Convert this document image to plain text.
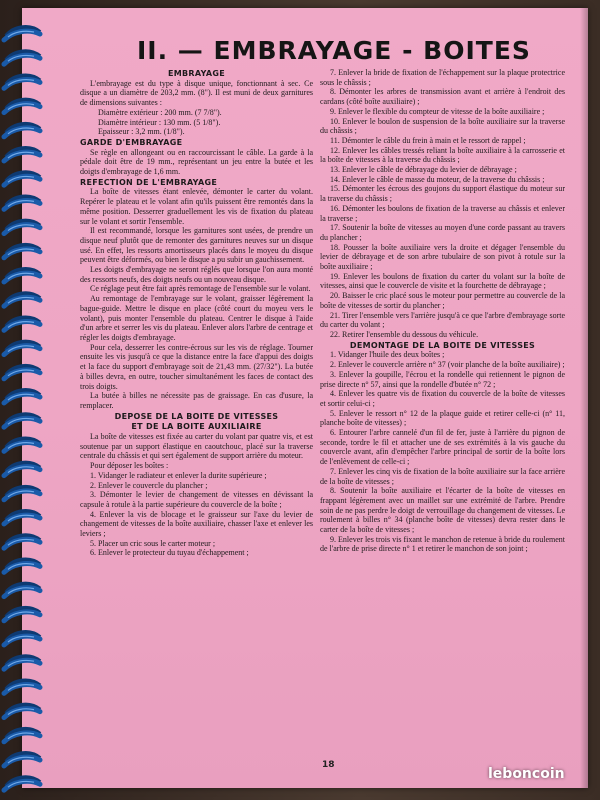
II. — EMBRAYAGE - BOITES
EMBRAYAGE

L'embrayage est du type à disque unique, fonctionnant à sec. Ce disque a un diamètre de 203,2 mm. (8"). Il est muni de deux garnitures de dimensions suivantes :

Diamètre extérieur : 200 mm. (7 7/8").

Diamètre intérieur : 130 mm. (5 1/8").

Epaisseur : 3,2 mm. (1/8").

GARDE D'EMBRAYAGE

Se règle en allongeant ou en raccourcissant le câble. La garde à la pédale doit être de 19 mm., représentant un jeu entre la butée et les doigts d'embrayage de 1,6 mm.

REFECTION DE L'EMBRAYAGE

La boîte de vitesses étant enlevée, démonter le carter du volant. Repérer le plateau et le volant afin qu'ils puissent être remontés dans la même position. Desserrer graduellement les vis de fixation du plateau sur le volant et sortir l'ensemble.

Il est recommandé, lorsque les garnitures sont usées, de prendre un disque neuf plutôt que de remonter des garnitures neuves sur un disque usé. En effet, les ressorts amortisseurs placés dans le moyeu du disque peuvent être déformés, ou bien le disque a pu subir un gauchissement.

Les doigts d'embrayage ne seront réglés que lorsque l'on aura monté des ressorts neufs, des doigts neufs ou un nouveau disque.

Ce réglage peut être fait après remontage de l'ensemble sur le volant.

Au remontage de l'embrayage sur le volant, graisser légèrement la bague-guide. Mettre le disque en place (côté court du moyeu vers le volant), puis monter l'ensemble du plateau. Centrer le disque à l'aide d'un arbre et serrer les vis du plateau. Enlever alors l'arbre de centrage et régler les doigts d'embrayage.

Pour cela, desserrer les contre-écrous sur les vis de réglage. Tourner ensuite les vis jusqu'à ce que la distance entre la face d'appui des doigts et la face du support d'embrayage soit de 21,43 mm. (27/32"). La butée à billes devra, en outre, toucher simultanément les faces de contact des trois doigts.

La butée à billes ne nécessite pas de graissage. En cas d'usure, la remplacer.

DEPOSE DE LA BOITE DE VITESSES
ET DE LA BOITE AUXILIAIRE

La boîte de vitesses est fixée au carter du volant par quatre vis, et est soutenue par un support élastique en caoutchouc, placé sur la traverse centrale du châssis et qui sert également de support arrière du moteur.

Pour déposer les boîtes :

1. Vidanger le radiateur et enlever la durite supérieure ;

2. Enlever le couvercle du plancher ;

3. Démonter le levier de changement de vitesses en dévissant la capsule à rotule à la partie supérieure du couvercle de la boîte ;

4. Enlever la vis de blocage et le graisseur sur l'axe du levier de changement de vitesses de la boîte auxiliaire, chasser l'axe et enlever les leviers ;

5. Placer un cric sous le carter moteur ;

6. Enlever le protecteur du tuyau d'échappement ;

7. Enlever la bride de fixation de l'échappement sur la plaque protectrice sous le châssis ;

8. Démonter les arbres de transmission avant et arrière à l'endroit des cardans (côté boîte auxiliaire) ;

9. Enlever le flexible du compteur de vitesse de la boîte auxiliaire ;

10. Enlever le boulon de suspension de la boîte auxiliaire sur la traverse du châssis ;

11. Démonter le câble du frein à main et le ressort de rappel ;

12. Enlever les câbles tressés reliant la boîte auxiliaire à la carrosserie et la boîte de vitesses à la traverse du châssis ;

13. Enlever le câble de débrayage du levier de débrayage ;

14. Enlever le câble de masse du moteur, de la traverse du châssis ;

15. Démonter les écrous des goujons du support élastique du moteur sur la traverse du châssis ;

16. Démonter les boulons de fixation de la traverse au châssis et enlever la traverse ;

17. Soutenir la boîte de vitesses au moyen d'une corde passant au travers du plancher ;

18. Pousser la boîte auxiliaire vers la droite et dégager l'ensemble du levier de débrayage et de son arbre tubulaire de son pivot à rotule sur la boîte auxiliaire ;

19. Enlever les boulons de fixation du carter du volant sur la boîte de vitesses, ainsi que le couvercle de visite et la fourchette de débrayage ;

20. Baisser le cric placé sous le moteur pour permettre au couvercle de la boîte de vitesses de sortir du plancher ;

21. Tirer l'ensemble vers l'arrière jusqu'à ce que l'arbre d'embrayage sorte du carter du volant ;

22. Retirer l'ensemble du dessous du véhicule.

DEMONTAGE DE LA BOITE DE VITESSES

1. Vidanger l'huile des deux boîtes ;

2. Enlever le couvercle arrière n° 37 (voir planche de la boîte auxiliaire) ;

3. Enlever la goupille, l'écrou et la rondelle qui retiennent le pignon de prise directe n° 57, ainsi que la rondelle d'butée n° 72 ;

4. Enlever les quatre vis de fixation du couvercle de la boîte de vitesses et sortir celui-ci ;

5. Enlever le ressort n° 12 de la plaque guide et retirer celle-ci (n° 11, planche boîte de vitesses) ;

6. Entourer l'arbre cannelé d'un fil de fer, juste à l'arrière du pignon de seconde, tordre le fil et attacher une de ses extrémités à la vis gauche du couvercle avant, afin d'empêcher l'arbre principal de sortir de la boîte lors de l'enlèvement de celle-ci ;

7. Enlever les cinq vis de fixation de la boîte auxiliaire sur la face arrière de la boîte de vitesses ;

8. Soutenir la boîte auxiliaire et l'écarter de la boîte de vitesses en frappant légèrement avec un maillet sur une extrémité de l'arbre. Prendre soin de ne pas perdre le doigt de verrouillage du changement de vitesses. Le roulement à billes n° 34 (planche boîte de vitesses) devra rester dans le carter de la boîte de vitesses ;

9. Enlever les trois vis fixant le manchon de retenue à bride du roulement de l'arbre de prise directe n° 1 et retirer le manchon de son joint ;

18
leboncoin
